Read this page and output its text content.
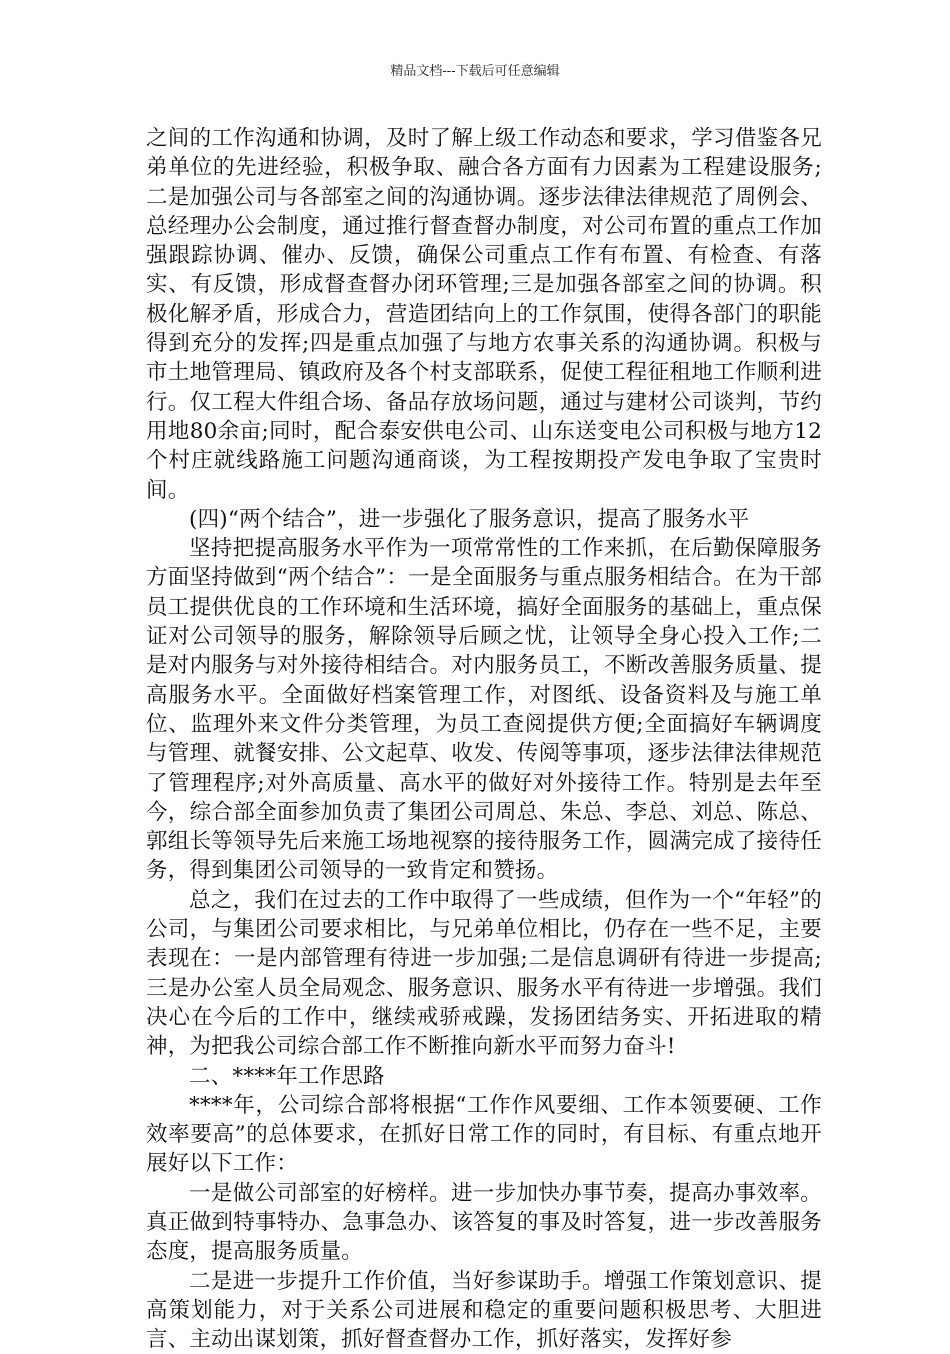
精品文档---下载后可任意编辑

之间的工作沟通和协调，及时了解上级工作动态和要求，学习借鉴各兄弟单位的先进经验，积极争取、融合各方面有力因素为工程建设服务;二是加强公司与各部室之间的沟通协调。逐步法律法律规范了周例会、总经理办公会制度，通过推行督查督办制度，对公司布置的重点工作加强跟踪协调、催办、反馈，确保公司重点工作有布置、有检查、有落实、有反馈，形成督查督办闭环管理;三是加强各部室之间的协调。积极化解矛盾，形成合力，营造团结向上的工作氛围，使得各部门的职能得到充分的发挥;四是重点加强了与地方农事关系的沟通协调。积极与市土地管理局、镇政府及各个村支部联系，促使工程征租地工作顺利进行。仅工程大件组合场、备品存放场问题，通过与建材公司谈判，节约用地80余亩;同时，配合泰安供电公司、山东送变电公司积极与地方12个村庄就线路施工问题沟通商谈，为工程按期投产发电争取了宝贵时间。

(四)“两个结合”，进一步强化了服务意识，提高了服务水平

坚持把提高服务水平作为一项常常性的工作来抓，在后勤保障服务方面坚持做到“两个结合”：一是全面服务与重点服务相结合。在为干部员工提供优良的工作环境和生活环境，搞好全面服务的基础上，重点保证对公司领导的服务，解除领导后顾之忧，让领导全身心投入工作;二是对内服务与对外接待相结合。对内服务员工，不断改善服务质量、提高服务水平。全面做好档案管理工作，对图纸、设备资料及与施工单位、监理外来文件分类管理，为员工查阅提供方便;全面搞好车辆调度与管理、就餐安排、公文起草、收发、传阅等事项，逐步法律法律规范了管理程序;对外高质量、高水平的做好对外接待工作。特别是去年至今，综合部全面参加负责了集团公司周总、朱总、李总、刘总、陈总、郭组长等领导先后来施工场地视察的接待服务工作，圆满完成了接待任务，得到集团公司领导的一致肯定和赞扬。

总之，我们在过去的工作中取得了一些成绩，但作为一个“年轻”的公司，与集团公司要求相比，与兄弟单位相比，仍存在一些不足，主要表现在：一是内部管理有待进一步加强;二是信息调研有待进一步提高;三是办公室人员全局观念、服务意识、服务水平有待进一步增强。我们决心在今后的工作中，继续戒骄戒躁，发扬团结务实、开拓进取的精神，为把我公司综合部工作不断推向新水平而努力奋斗!

二、****年工作思路

****年，公司综合部将根据“工作作风要细、工作本领要硬、工作效率要高”的总体要求，在抓好日常工作的同时，有目标、有重点地开展好以下工作：

一是做公司部室的好榜样。进一步加快办事节奏，提高办事效率。真正做到特事特办、急事急办、该答复的事及时答复，进一步改善服务态度，提高服务质量。

二是进一步提升工作价值，当好参谋助手。增强工作策划意识、提高策划能力，对于关系公司进展和稳定的重要问题积极思考、大胆进言、主动出谋划策，抓好督查督办工作，抓好落实，发挥好参
